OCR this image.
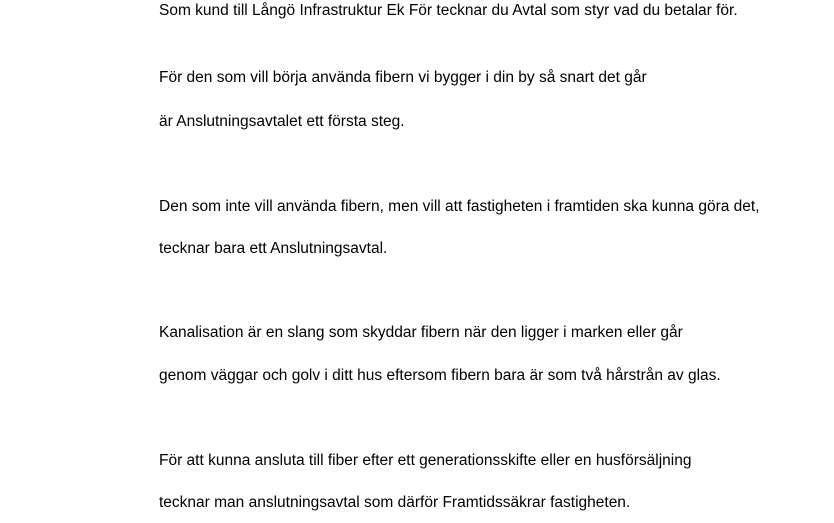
Som kund till Långö Infrastruktur Ek För tecknar du Avtal som styr vad du betalar för.

För den som vill börja använda fibern vi bygger i din by så snart det går

är Anslutningsavtalet ett första steg.

Den som inte vill använda fibern, men vill att fastigheten i framtiden ska kunna göra det,

tecknar bara ett Anslutningsavtal.

Kanalisation är en slang som skyddar fibern när den ligger i marken eller går

genom väggar och golv i ditt hus eftersom fibern bara är som två hårstrån av glas.

För att kunna ansluta till fiber efter ett generationsskifte eller en husförsäljning

tecknar man anslutningsavtal som därför Framtidssäkrar fastigheten.
